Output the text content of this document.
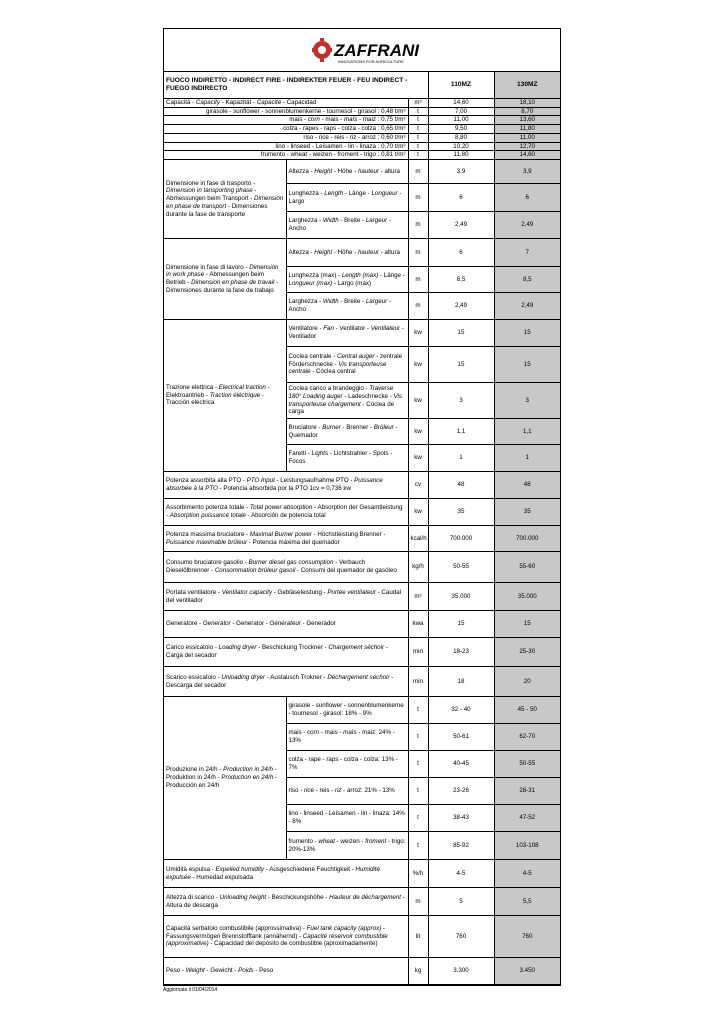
ZAFFRANI
INNOVATIONS FOR AGRICULTURE
FUOCO INDIRETTO - INDIRECT FIRE - INDIREKTER FEUER - FEU INDIRECT - FUEGO INDIRECTO			110MZ	130MZ
Capacità - Capacity - Kapazität - Capacité - Capacidad		m³	14,60	18,10
girasole - sunflower - sonnenblumenkerne - tournesol - girasol : 0,48 t/m³		t	7,00	8,70
mais - corn - mais - maïs - maiz : 0,75 t/m³		t	11,00	13,60
colza - rapes - raps - colza - colza : 0,65 t/m³		t	9,50	11,80
riso - rice - reis - riz - arroz : 0,60 t/m³		t	8,80	11,00
lino - linseed - Leisamen - lin - linaza : 0,70 t/m³		t	10,20	12,70
frumento - wheat - weizen - froment - trigo : 0,81 t/m³		t	11,80	14,60
Dimensione in fase di trasporto - Dimension in tansporting phase - Abmessungen beim Transport - Dimension en phase de transport - Dimensiones durante la fase de transporte	Altezza - Height - Höhe - hauteur - altura	m	3,9	3,9
	Lunghezza - Length - Länge - Longueur - Largo	m	6	6
	Larghezza - Width - Breite - Largeur - Ancho	m	2,49	2,49
Dimensione in fase di lavoro - Dimension in work phase - Abmessungen beim Betrieb - Dimension en phase de travail - Dimensiones durante la fase de trabajo	Altezza - Height - Höhe - hauteur - altura	m	6	7
	Lunghezza (max) - Length (max) - Länge - Longueur (max) - Largo (max)	m	8,5	8,5
	Larghezza - Width - Breite - Largeur - Ancho	m	2,49	2,49
Trazione elettrica - Electrical traction - Elektroantrieb - Traction éléctrique - Tracción eléctrica	Ventilatore - Fan - Ventilator - Ventilateur - Ventilador	kw	15	15
	Coclea centrale - Central auger - zentrale Förderschnecke - Vis transporteuse centrale - Cóclea central	kw	15	15
	Coclea carico a brandeggio - Traverse 180° Loading auger - Ladeschnecke - Vis transporteuse chargement - Cóclea de carga	kw	3	3
	Bruciatore - Burner - Brenner - Brûleur - Quemador	kw	1,1	1,1
	Faretti - Lights - Lichtstrahler - Spots - Focos	kw	1	1
Potenza assorbita alla PTO - PTO Input - Leistungsaufnahme PTO - Puissance absorbée à la PTO - Potencia absorbida por la PTO 1cv = 0,736 kw		cv	48	48
Assorbimento potenza totale - Total power absorption - Absorption der Gesamtleistung - Absorption puissance totale - Absorción de potencia total		kw	35	35
Potenza massima bruciatore - Maximal Burner power - Höchstleistung Brenner - Puissance maximable brûleur - Potencia máxima del quemador		kcal/h	700.000	700.000
Consumo bruciatore gasolio - Burner diesel gas consumption - Verbauch Dieselölbrenner - Consommation brûleur gasoil - Consumi del quemador de gasóleo		kg/h	50-55	55-60
Portata ventilatore - Ventilator capacity - Gebläseleistung - Portée ventilateur - Caudal del ventilador		m³	35.000	35.000
Generatore - Generator - Generator - Générateur - Generador		kwa	15	15
Carico essicatoio - Loading dryer - Beschickung Trockner - Chargement séchoir - Carga del secador		min	18-23	25-30
Scarico essicatoio - Unloading dryer - Austausch Trokner - Déchargement séchoir - Descarga del secador		min	18	20
Produzione in 24/h - Production in 24/h - Produktion in 24/h - Production en 24/h - Producción en 24/h	girasole - sunflower - sonnenblumenkerne - tournesol - girasol: 18% - 9%	t	32 - 40	45 - 50
	mais - corn - mais - maïs - maiz: 24% - 13%	t	50-61	62-70
	colza - rape - raps - colza - colza: 13% - 7%	t	40-45	50-55
	riso - rice - reis - riz - arroz: 21% - 13%	t	23-26	28-31
	lino - linseed - Leisamen - lin - linaza: 14% - 8%	t	38-43	47-52
	frumento - wheat - weizen - froment - trigo: 20%-13%	t	85-92	103-108
Umidità espulsa - Expelled humidity - Ausgeschiedene Feuchtigkeit - Humidité expulsée - Humedad expulsada		%/h	4-5	4-5
Altezza di scarico - Unloading height - Beschickungshöhe - Hauteur de déchargement - Altura de descarga		m	5	5,5
Capacità serbatoio combustibile (approssimativa) - Fuel tank capacity (approx) - Fassungsvermögen Brennstofftank (annähernd) - Capacité réservoir combustible (approximative) - Capacidad del depósito de combustible (aproximadamente)		lit	760	760
Peso - Weight - Gewicht - Poids - Peso		kg	3.300	3.450
Aggiornata il 01/04/2014
